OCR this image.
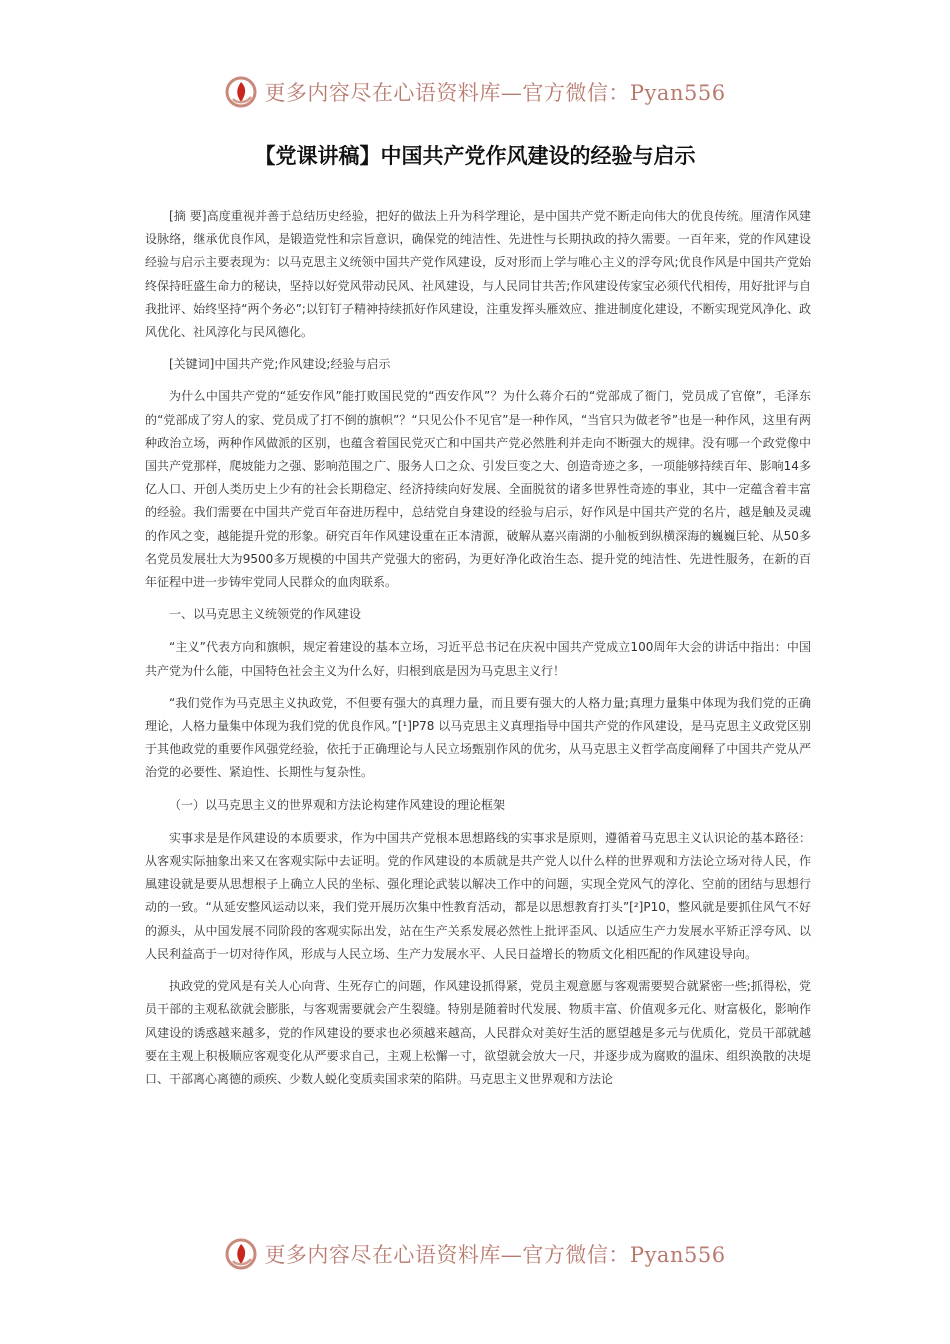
更多内容尽在心语资料库—官方微信：Pyan556
【党课讲稿】中国共产党作风建设的经验与启示

[摘 要]高度重视并善于总结历史经验，把好的做法上升为科学理论，是中国共产党不断走向伟大的优良传统。厘清作风建设脉络，继承优良作风，是锻造党性和宗旨意识，确保党的纯洁性、先进性与长期执政的持久需要。一百年来，党的作风建设经验与启示主要表现为：以马克思主义统领中国共产党作风建设，反对形而上学与唯心主义的浮夸风;优良作风是中国共产党始终保持旺盛生命力的秘诀，坚持以好党风带动民风、社风建设，与人民同甘共苦;作风建设传家宝必须代代相传，用好批评与自我批评、始终坚持“两个务必”;以钉钉子精神持续抓好作风建设，注重发挥头雁效应、推进制度化建设，不断实现党风净化、政风优化、社风淳化与民风德化。

[关键词]中国共产党;作风建设;经验与启示

为什么中国共产党的“延安作风”能打败国民党的“西安作风”？为什么蒋介石的“党部成了衙门，党员成了官僚”，毛泽东的“党部成了穷人的家、党员成了打不倒的旗帜”？“只见公仆不见官”是一种作风，“当官只为做老爷”也是一种作风，这里有两种政治立场，两种作风做派的区别，也蕴含着国民党灭亡和中国共产党必然胜利并走向不断强大的规律。没有哪一个政党像中国共产党那样，爬坡能力之强、影响范围之广、服务人口之众、引发巨变之大、创造奇迹之多，一项能够持续百年、影响14多亿人口、开创人类历史上少有的社会长期稳定、经济持续向好发展、全面脱贫的诸多世界性奇迹的事业，其中一定蕴含着丰富的经验。我们需要在中国共产党百年奋进历程中，总结党自身建设的经验与启示，好作风是中国共产党的名片，越是触及灵魂的作风之变，越能提升党的形象。研究百年作风建设重在正本清源，破解从嘉兴南湖的小舢板到纵横深海的巍巍巨轮、从50多名党员发展壮大为9500多万规模的中国共产党强大的密码，为更好净化政治生态、提升党的纯洁性、先进性服务，在新的百年征程中进一步铸牢党同人民群众的血肉联系。

一、以马克思主义统领党的作风建设

“主义”代表方向和旗帜，规定着建设的基本立场，习近平总书记在庆祝中国共产党成立100周年大会的讲话中指出：中国共产党为什么能，中国特色社会主义为什么好，归根到底是因为马克思主义行！

“我们党作为马克思主义执政党，不但要有强大的真理力量，而且要有强大的人格力量;真理力量集中体现为我们党的正确理论，人格力量集中体现为我们党的优良作风。”[¹]P78 以马克思主义真理指导中国共产党的作风建设，是马克思主义政党区别于其他政党的重要作风强党经验，依托于正确理论与人民立场甄别作风的优劣，从马克思主义哲学高度阐释了中国共产党从严治党的必要性、紧迫性、长期性与复杂性。

（一）以马克思主义的世界观和方法论构建作风建设的理论框架

实事求是是作风建设的本质要求，作为中国共产党根本思想路线的实事求是原则，遵循着马克思主义认识论的基本路径：从客观实际抽象出来又在客观实际中去证明。党的作风建设的本质就是共产党人以什么样的世界观和方法论立场对待人民，作風建设就是要从思想根子上确立人民的坐标、强化理论武装以解决工作中的问题，实现全党风气的淳化、空前的团结与思想行动的一致。“从延安整风运动以来，我们党开展历次集中性教育活动，都是以思想教育打头”[²]P10，整风就是要抓住风气不好的源头，从中国发展不同阶段的客观实际出发，站在生产关系发展必然性上批评歪风、以适应生产力发展水平矫正浮夸风、以人民利益高于一切对待作风，形成与人民立场、生产力发展水平、人民日益增长的物质文化相匹配的作风建设导向。

执政党的党风是有关人心向背、生死存亡的问题，作风建设抓得紧，党员主观意愿与客观需要契合就紧密一些;抓得松，党员干部的主观私欲就会膨胀，与客观需要就会产生裂缝。特别是随着时代发展、物质丰富、价值观多元化、财富极化，影响作风建设的诱惑越来越多，党的作风建设的要求也必须越来越高，人民群众对美好生活的愿望越是多元与优质化，党员干部就越要在主观上积极顺应客观变化从严要求自己，主观上松懈一寸，欲望就会放大一尺，并逐步成为腐败的温床、组织涣散的决堤口、干部离心离德的顽疾、少数人蜕化变质卖国求荣的陷阱。马克思主义世界观和方法论

更多内容尽在心语资料库—官方微信：Pyan556
